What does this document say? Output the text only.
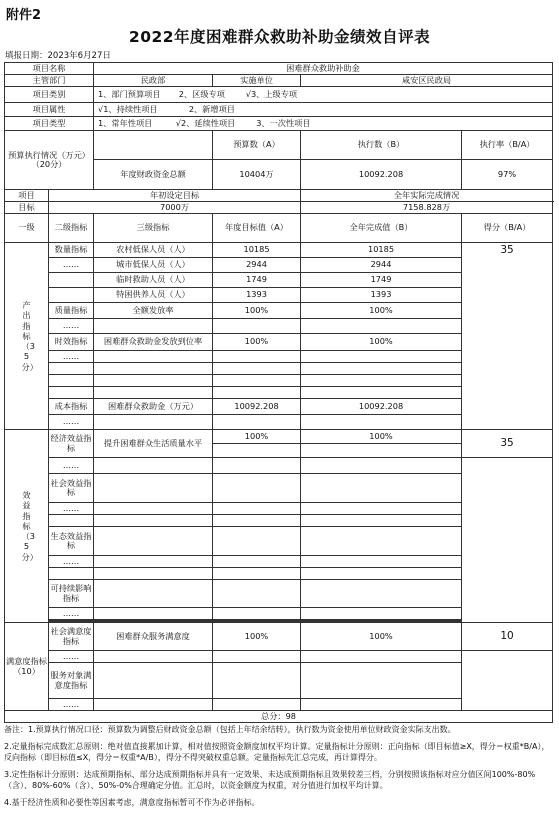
附件2
2022年度困难群众救助补助金绩效自评表
填报日期：2023年6月27日
项目名称		困难群众救助补助金				
主管部门		民政部	实施单位	咸安区民政局		
项目类别		1、部门预算项目 2、区级专项 √3、上级专项				
项目属性		√1、持续性项目 2、新增项目				
项目类型		1、常年性项目 √2、延续性项目 3、一次性项目				
预算执行情况（万元）（20分）			预算数（A）	执行数（B）	执行率（B/A）	
		年度财政资金总额	10404万	10092.208	97%	
项目	年初设定目标			全年实际完成情况		
目标	7000万			7158.828万		
一级	二级指标	三级指标	年度目标值（A）	全年完成值（B）	得分（B/A）	
产出指标（35分）	数量指标	农村低保人员（人）	10185	10185	35	
	……	城市低保人员（人）	2944	2944		
		临时救助人员（人）	1749	1749		
		特困供养人员（人）	1393	1393		
	质量指标	全额发放率	100%	100%		
	……					
	时效指标	困难群众救助金发放到位率	100%	100%		
	……					

	成本指标	困难群众救助金（万元）	10092.208	10092.208		
	……					
效益指标（35分）	经济效益指标	提升困难群众生活质量水平	100%	100%	35	

	……					
	社会效益指标					
	……					

	生态效益指标					
	……					

	可持续影响指标					
	……					

满意度指标（10）	社会满意度指标	困难群众服务满意度	100%	100%	10	
	……					
	服务对象满意度指标					
	……					
总分：98						
备注：1.预算执行情况口径：预算数为调整后财政资金总额（包括上年结余结转），执行数为资金使用单位财政资金实际支出数。
2.定量指标完成数汇总原则：绝对值直接累加计算，相对值按照资金额度加权平均计算。定量指标计分原则：正向指标（即目标值≥X，得分＝权重*B/A），反向指标（即目标值≤X，得分＝权重*A/B），得分不得突破权重总额。定量指标先汇总完成，再计算得分。
3.定性指标计分原则：达成预期指标、部分达成预期指标并具有一定效果、未达成预期指标且效果较差三档，分别按照该指标对应分值区间100%-80%（含）、80%-60%（含）、50%-0%合理确定分值。汇总时，以资金额度为权重，对分值进行加权平均计算。
4.基于经济性质和必要性等因素考虑，满意度指标暂可不作为必评指标。
